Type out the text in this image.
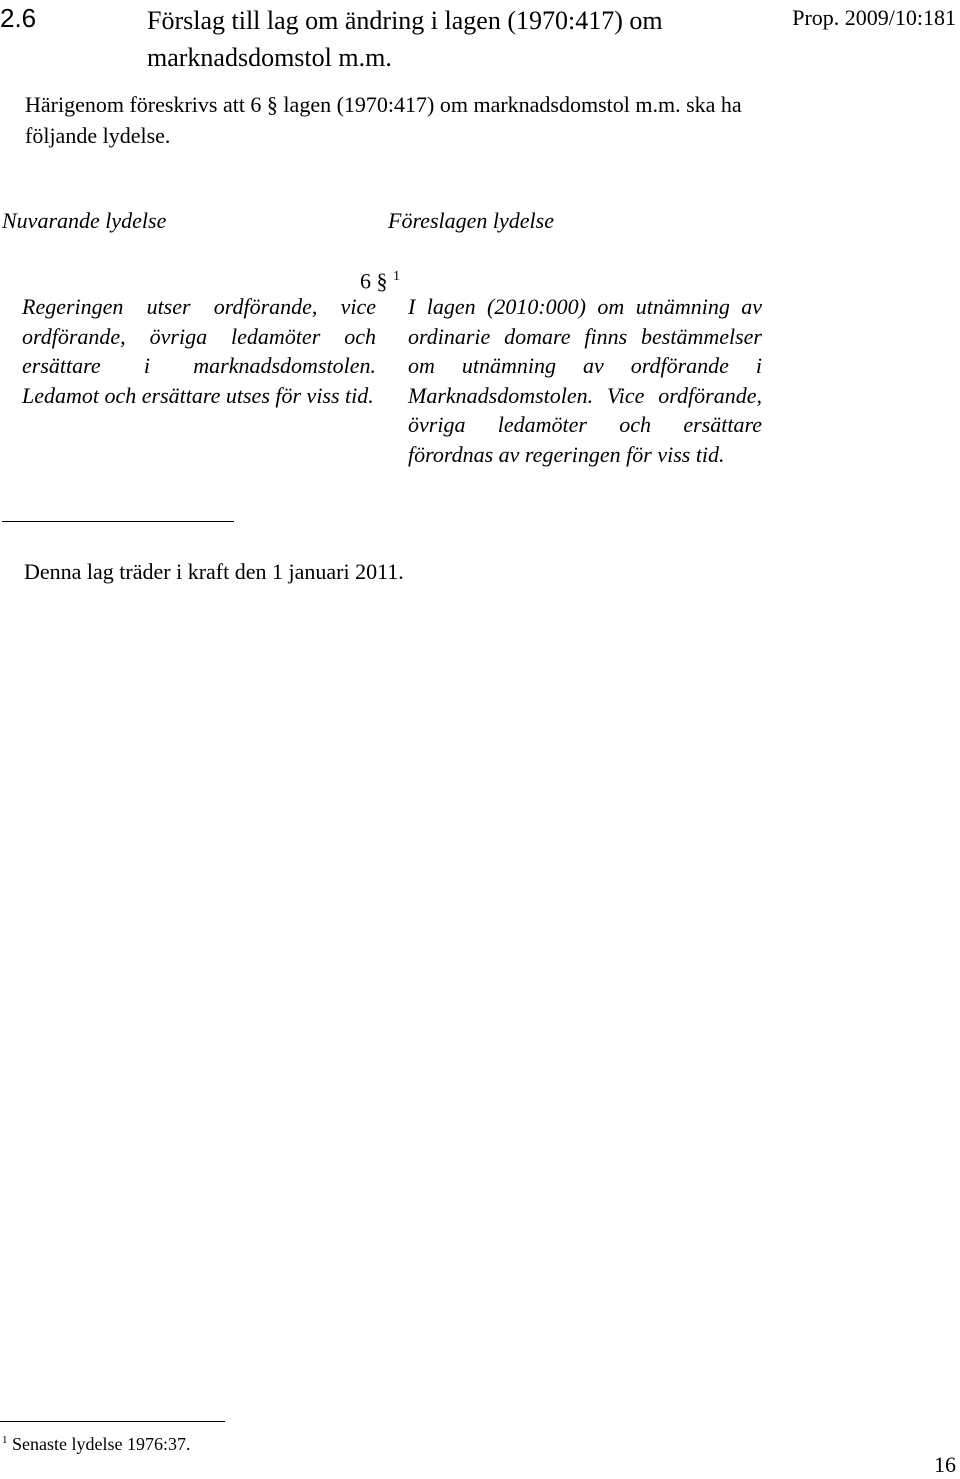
2.6	Förslag till lag om ändring i lagen (1970:417) om marknadsdomstol m.m.
Prop. 2009/10:181
Härigenom föreskrivs att 6 § lagen (1970:417) om marknadsdomstol m.m. ska ha följande lydelse.
Nuvarande lydelse	Föreslagen lydelse
6 § $^1$
Regeringen utser ordförande, vice ordförande, övriga ledamöter och ersättare i marknadsdomstolen. Ledamot och ersättare utses för viss tid.
I lagen (2010:000) om utnämning av ordinarie domare finns bestämmelser om utnämning av ordförande i Marknadsdomstolen. Vice ordförande, övriga ledamöter och ersättare förordnas av regeringen för viss tid.
Denna lag träder i kraft den 1 januari 2011.
$^1$ Senaste lydelse 1976:37.
16
